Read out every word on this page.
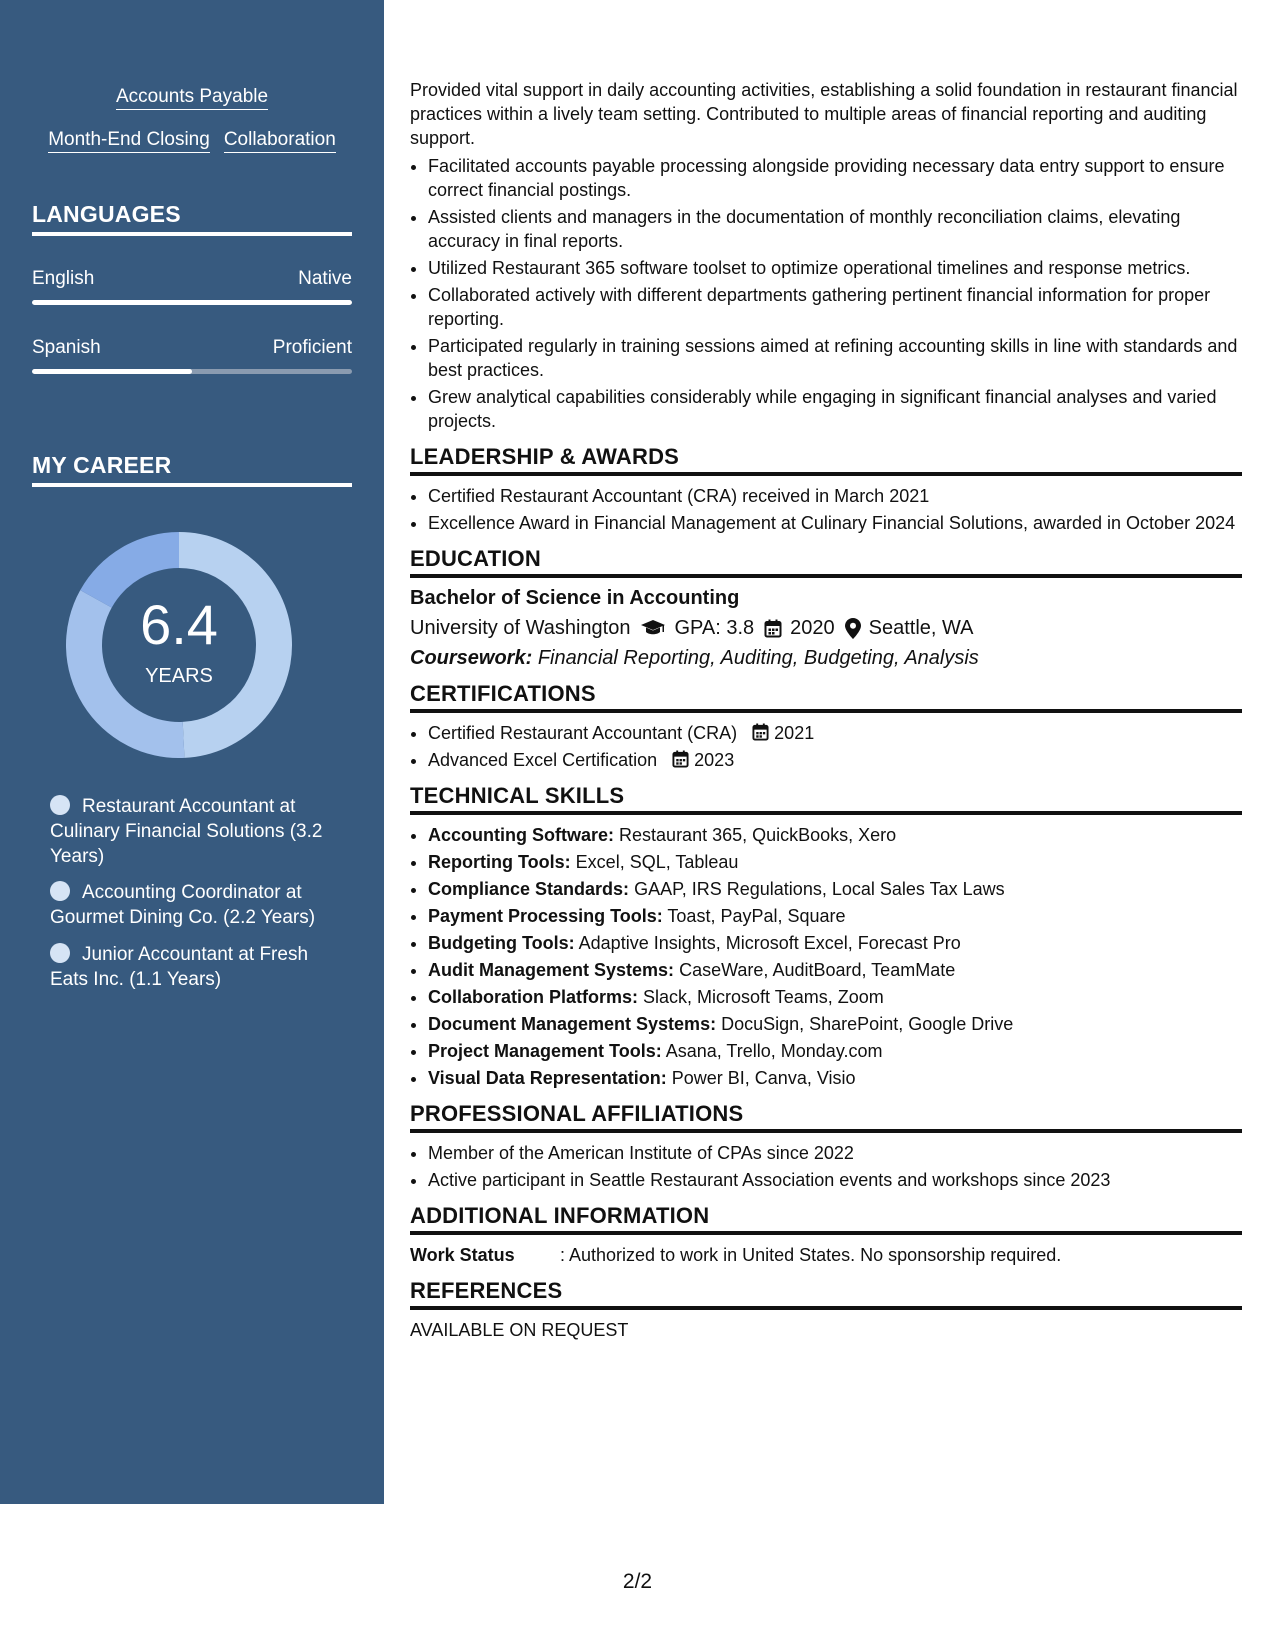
Accounts Payable
Month-End Closing Collaboration
LANGUAGES
English	Native
Spanish	Proficient
MY CAREER
6.4
YEARS
Restaurant Accountant at Culinary Financial Solutions (3.2 Years)
Accounting Coordinator at Gourmet Dining Co. (2.2 Years)
Junior Accountant at Fresh Eats Inc. (1.1 Years)

Provided vital support in daily accounting activities, establishing a solid foundation in restaurant financial practices within a lively team setting. Contributed to multiple areas of financial reporting and auditing support.

• Facilitated accounts payable processing alongside providing necessary data entry support to ensure correct financial postings.
• Assisted clients and managers in the documentation of monthly reconciliation claims, elevating accuracy in final reports.
• Utilized Restaurant 365 software toolset to optimize operational timelines and response metrics.
• Collaborated actively with different departments gathering pertinent financial information for proper reporting.
• Participated regularly in training sessions aimed at refining accounting skills in line with standards and best practices.
• Grew analytical capabilities considerably while engaging in significant financial analyses and varied projects.
LEADERSHIP & AWARDS
• Certified Restaurant Accountant (CRA) received in March 2021
• Excellence Award in Financial Management at Culinary Financial Solutions, awarded in October 2024
EDUCATION
Bachelor of Science in Accounting
University of Washington GPA: 3.8 2020 Seattle, WA
Coursework: Financial Reporting, Auditing, Budgeting, Analysis
CERTIFICATIONS
• Certified Restaurant Accountant (CRA) 2021
• Advanced Excel Certification 2023
TECHNICAL SKILLS
• Accounting Software: Restaurant 365, QuickBooks, Xero
• Reporting Tools: Excel, SQL, Tableau
• Compliance Standards: GAAP, IRS Regulations, Local Sales Tax Laws
• Payment Processing Tools: Toast, PayPal, Square
• Budgeting Tools: Adaptive Insights, Microsoft Excel, Forecast Pro
• Audit Management Systems: CaseWare, AuditBoard, TeamMate
• Collaboration Platforms: Slack, Microsoft Teams, Zoom
• Document Management Systems: DocuSign, SharePoint, Google Drive
• Project Management Tools: Asana, Trello, Monday.com
• Visual Data Representation: Power BI, Canva, Visio
PROFESSIONAL AFFILIATIONS
• Member of the American Institute of CPAs since 2022
• Active participant in Seattle Restaurant Association events and workshops since 2023
ADDITIONAL INFORMATION
Work Status	: Authorized to work in United States. No sponsorship required.
REFERENCES
AVAILABLE ON REQUEST
2/2
